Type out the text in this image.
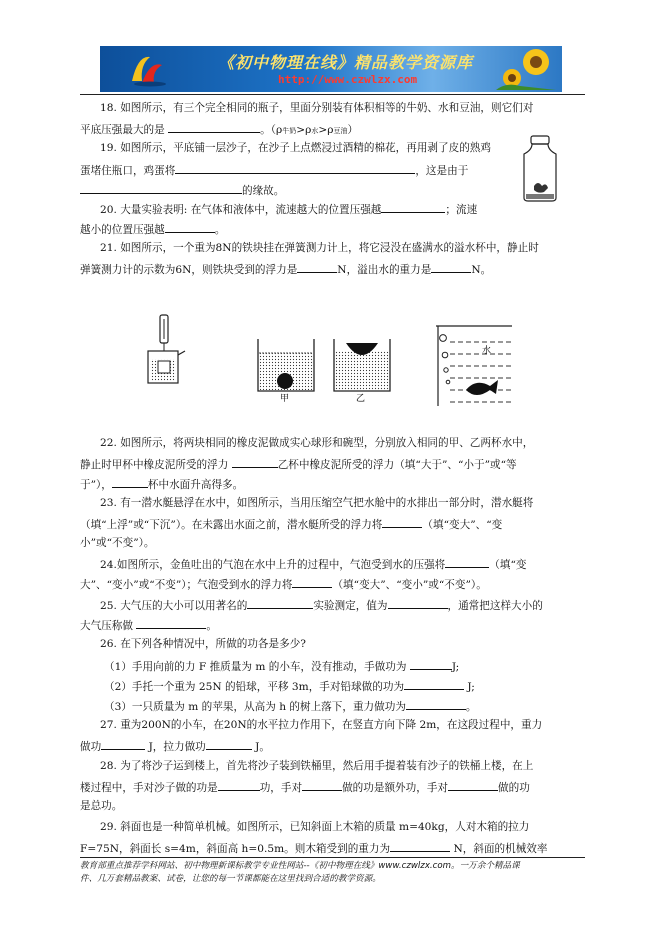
《初中物理在线》精品教学资源库
http://www.czwlzx.com
18. 如图所示，有三个完全相同的瓶子，里面分别装有体积相等的牛奶、水和豆油，则它们对
平底压强最大的是	。（ρ牛奶>ρ水>ρ豆油）
19. 如图所示，平底铺一层沙子，在沙子上点燃浸过酒精的棉花，再用剥了皮的熟鸡
蛋堵住瓶口，鸡蛋将	，这是由于
的缘故。
20. 大量实验表明: 在气体和液体中，流速越大的位置压强越	；流速
越小的位置压强越	。
21. 如图所示，一个重为8N的铁块挂在弹簧测力计上，将它浸没在盛满水的溢水杯中，静止时
弹簧测力计的示数为6N，则铁块受到的浮力是	N，溢出水的重力是	N。
甲	乙
水
22. 如图所示，将两块相同的橡皮泥做成实心球形和碗型，分别放入相同的甲、乙两杯水中，
静止时甲杯中橡皮泥所受的浮力	乙杯中橡皮泥所受的浮力（填“大于”、“小于”或“等
于”），	杯中水面升高得多。
23. 有一潜水艇悬浮在水中，如图所示，当用压缩空气把水舱中的水排出一部分时，潜水艇将
（填“上浮”或“下沉”）。在未露出水面之前，潜水艇所受的浮力将	（填“变大”、“变
小”或“不变”）。
24.如图所示，金鱼吐出的气泡在水中上升的过程中，气泡受到水的压强将	（填“变
大”、“变小”或“不变”）；气泡受到水的浮力将	（填“变大”、“变小”或“不变”）。
25. 大气压的大小可以用著名的	实验测定，值为	，通常把这样大小的
大气压称做	。
26. 在下列各种情况中，所做的功各是多少?
（1）手用向前的力 F 推质量为 m 的小车，没有推动，手做功为	J;
（2）手托一个重为 25N 的铅球，平移 3m，手对铅球做的功为	J;
（3）一只质量为 m 的苹果，从高为 h 的树上落下，重力做功为	。
27. 重为200N的小车，在20N的水平拉力作用下，在竖直方向下降 2m，在这段过程中，重力
做功	J，拉力做功	J。
28. 为了将沙子运到楼上，首先将沙子装到铁桶里，然后用手提着装有沙子的铁桶上楼，在上
楼过程中，手对沙子做的功是	功，手对	做的功是额外功，手对	做的功
是总功。
29. 斜面也是一种简单机械。如图所示，已知斜面上木箱的质量 m=40kg，人对木箱的拉力
F=75N，斜面长 s=4m，斜面高 h=0.5m。则木箱受到的重力为	N，斜面的机械效率
教育部重点推荐学科网站、初中物理新课标教学专业性网站--《初中物理在线》www.czwlzx.com。一万余个精品课
件、几万套精品教案、试卷，让您的每一节课都能在这里找到合适的教学资源。
